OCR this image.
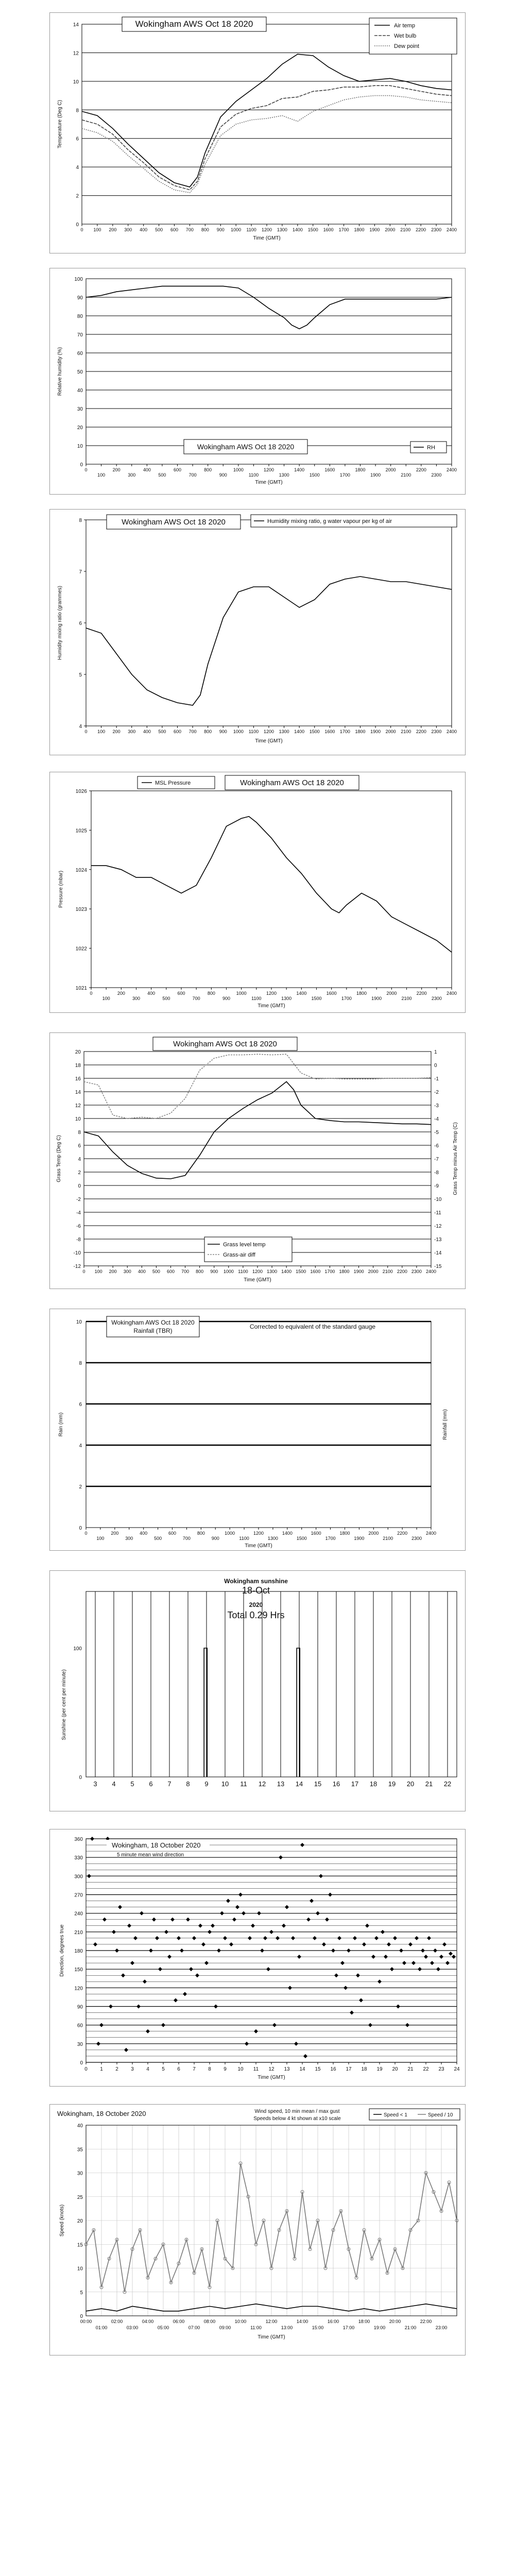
0
2
4
6
8
10
12
14
0 100 200 300 400 500 600 700 800 900 1000 1100 1200 1300 1400 1500 1600 1700 1800 1900 2000 2100 2200 2300 2400
Wokingham AWS Oct 18 2020	Air temp
Wet bulb
Dew point
Temperature (Deg C)
Time (GMT)
0
10
20
30
40
50
60
70
80
90
100
0
100
200
300
400
500
600
700
800
900
1000
1100
1200
1300
1400
1500
1600
1700
1800
1900
2000
2100
2200
2300
2400
Wokingham AWS Oct 18 2020	RH
Relative humidity (%)
Time (GMT)
4
5
6
7
8
0 100 200 300 400 500 600 700 800 900 1000 1100 1200 1300 1400 1500 1600 1700 1800 1900 2000 2100 2200 2300 2400
Wokingham AWS Oct 18 2020	Humidity mixing ratio, g water vapour per kg of air
Humidity mixing ratio (grammes)
Time (GMT)
1021
1022
1023
1024
1025
1026
0
100
200
300
400
500
600
700
800
900
1000
1100
1200
1300
1400
1500
1600
1700
1800
1900
2000
2100
2200
2300
2400
MSL Pressure	Wokingham AWS Oct 18 2020
Pressure (mbar)
Time (GMT)
-12
-10
-8
-6
-4
-2
0
2
4
6
8
10
12
14
16
18
20	1
0
-1
-2
-3
-4
-5
-6
-7
-8
-9
-10
-11
-12
-13
-14
-15
0 100 200 300 400 500 600 700 800 900 1000 1100 1200 1300 1400 1500 1600 1700 1800 1900 2000 2100 2200 2300 2400
Wokingham AWS Oct 18 2020
Grass level temp
Grass-air diff
Grass Temp (Deg C)	Grass Temp minus Air Temp (C)
Time (GMT)
0
2
4
6
8
10
0
100
200
300
400
500
600
700
800
900
1000
1100
1200
1300
1400
1500
1600
1700
1800
1900
2000
2100
2200
2300
2400
Wokingham AWS Oct 18 2020
Rainfall (TBR)
Corrected to equivalent of the standard gauge
Rain (mm)	Rainfall (mm)
Time (GMT)
3 4 5 6 7 8 9 10 11 12 13 14 15 16 17 18 19 20 21 22
0
100
Wokingham sunshine
18-Oct
2020
Total 0.29 Hrs
Sunshine (per cent per minute)
0
30
60
90
120
150
180
210
240
270
300
330
360
0 1 2 3 4 5 6 7 8 9 10 11 12 13 14 15 16 17 18 19 20 21 22 23 24
Wokingham, 18 October 2020
5 minute mean wind direction
Direction, degrees true
Time (GMT)
0
5
10
15
20
25
30
35
40
00:00	02:00	04:00	06:00	08:00	10:00	12:00	14:00	16:00	18:00	20:00	22:00
01:00	03:00	05:00	07:00	09:00	11:00	13:00	15:00	17:00	19:00	21:00	23:00
Wokingham, 18 October 2020	Wind speed, 10 min mean / max gust
Speeds below 4 kt shown at x10 scale
Speed < 1	Speed / 10
Speed (knots)
Time (GMT)
